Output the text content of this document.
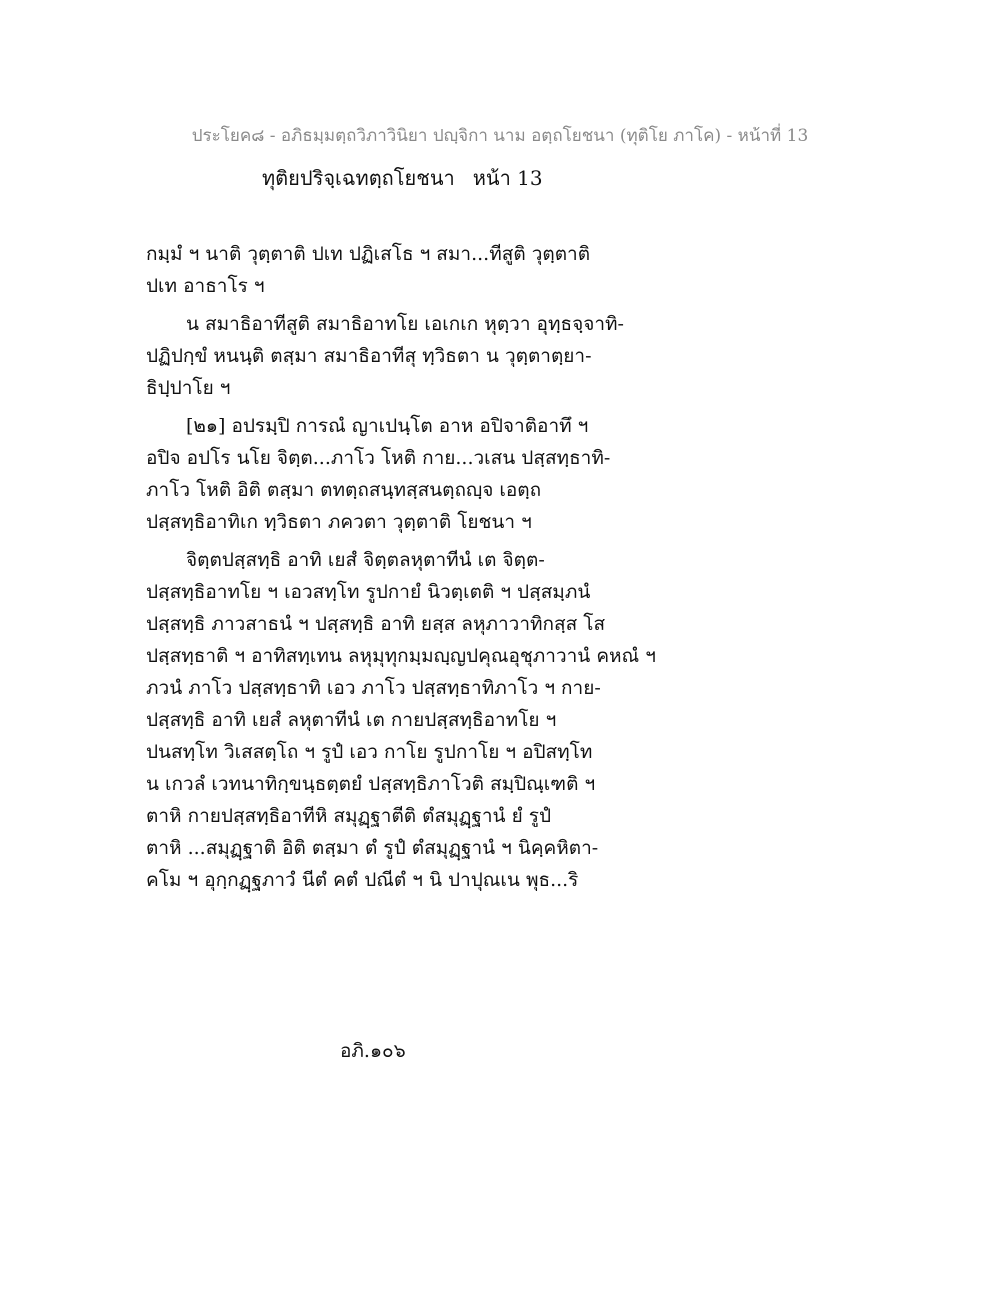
ประโยค๘ - อภิธมฺมตฺถวิภาวินิยา ปญฺจิกา นาม อตฺถโยชนา (ทุติโย ภาโค) - หน้าที่ 13
ทุติยปริจฺเฉทตฺถโยชนา หน้า 13
กมฺมํ ฯ นาติ วุตฺตาติ ปเท ปฏิเสโธ ฯ สมา...ทีสูติ วุตฺตาติ
ปเท อาธาโร ฯ
น สมาธิอาทีสูติ สมาธิอาทโย เอเกเก หุตฺวา อุทฺธจฺจาทิ-
ปฏิปกฺขํ หนนฺติ ตสฺมา สมาธิอาทีสุ ทฺวิธตา น วุตฺตาตฺยา-
ธิปฺปาโย ฯ
[๒๑] อปรมฺปิ การณํ ญาเปนฺโต อาห อปิจาติอาทึ ฯ
อปิจ อปโร นโย จิตฺต...ภาโว โหติ กาย...วเสน ปสฺสทฺธาทิ-
ภาโว โหติ อิติ ตสฺมา ตทตฺถสนฺทสฺสนตฺถญฺจ เอตฺถ
ปสฺสทฺธิอาทิเก ทฺวิธตา ภควตา วุตฺตาติ โยชนา ฯ
จิตฺตปสฺสทฺธิ อาทิ เยสํ จิตฺตลหุตาทีนํ เต จิตฺต-
ปสฺสทฺธิอาทโย ฯ เอวสทฺโท รูปกายํ นิวตฺเตติ ฯ ปสฺสมฺภนํ
ปสฺสทฺธิ ภาวสาธนํ ฯ ปสฺสทฺธิ อาทิ ยสฺส ลหุภาวาทิกสฺส โส
ปสฺสทฺธาติ ฯ อาทิสทฺเทน ลหุมุทุกมฺมญฺญปคุณอุชุภาวานํ คหณํ ฯ
ภวนํ ภาโว ปสฺสทฺธาทิ เอว ภาโว ปสฺสทฺธาทิภาโว ฯ กาย-
ปสฺสทฺธิ อาทิ เยสํ ลหุตาทีนํ เต กายปสฺสทฺธิอาทโย ฯ
ปนสทฺโท วิเสสตฺโถ ฯ รูปํ เอว กาโย รูปกาโย ฯ อปิสทฺโท
น เกวลํ เวทนาทิกฺขนฺธตฺตยํ ปสฺสทฺธิภาโวติ สมฺปิณฺเฑติ ฯ
ตาหิ กายปสฺสทฺธิอาทีหิ สมุฏฺฐาตีติ ตํสมุฏฺฐานํ ยํ รูปํ
ตาหิ ...สมุฏฺฐาติ อิติ ตสฺมา ตํ รูปํ ตํสมุฏฺฐานํ ฯ นิคฺคหิตา-
คโม ฯ อุกฺกฏฺฐภาวํ นีตํ คตํ ปณีตํ ฯ นิ ปาปุณเน พุธ...ริ
อภิ.๑๐๖
